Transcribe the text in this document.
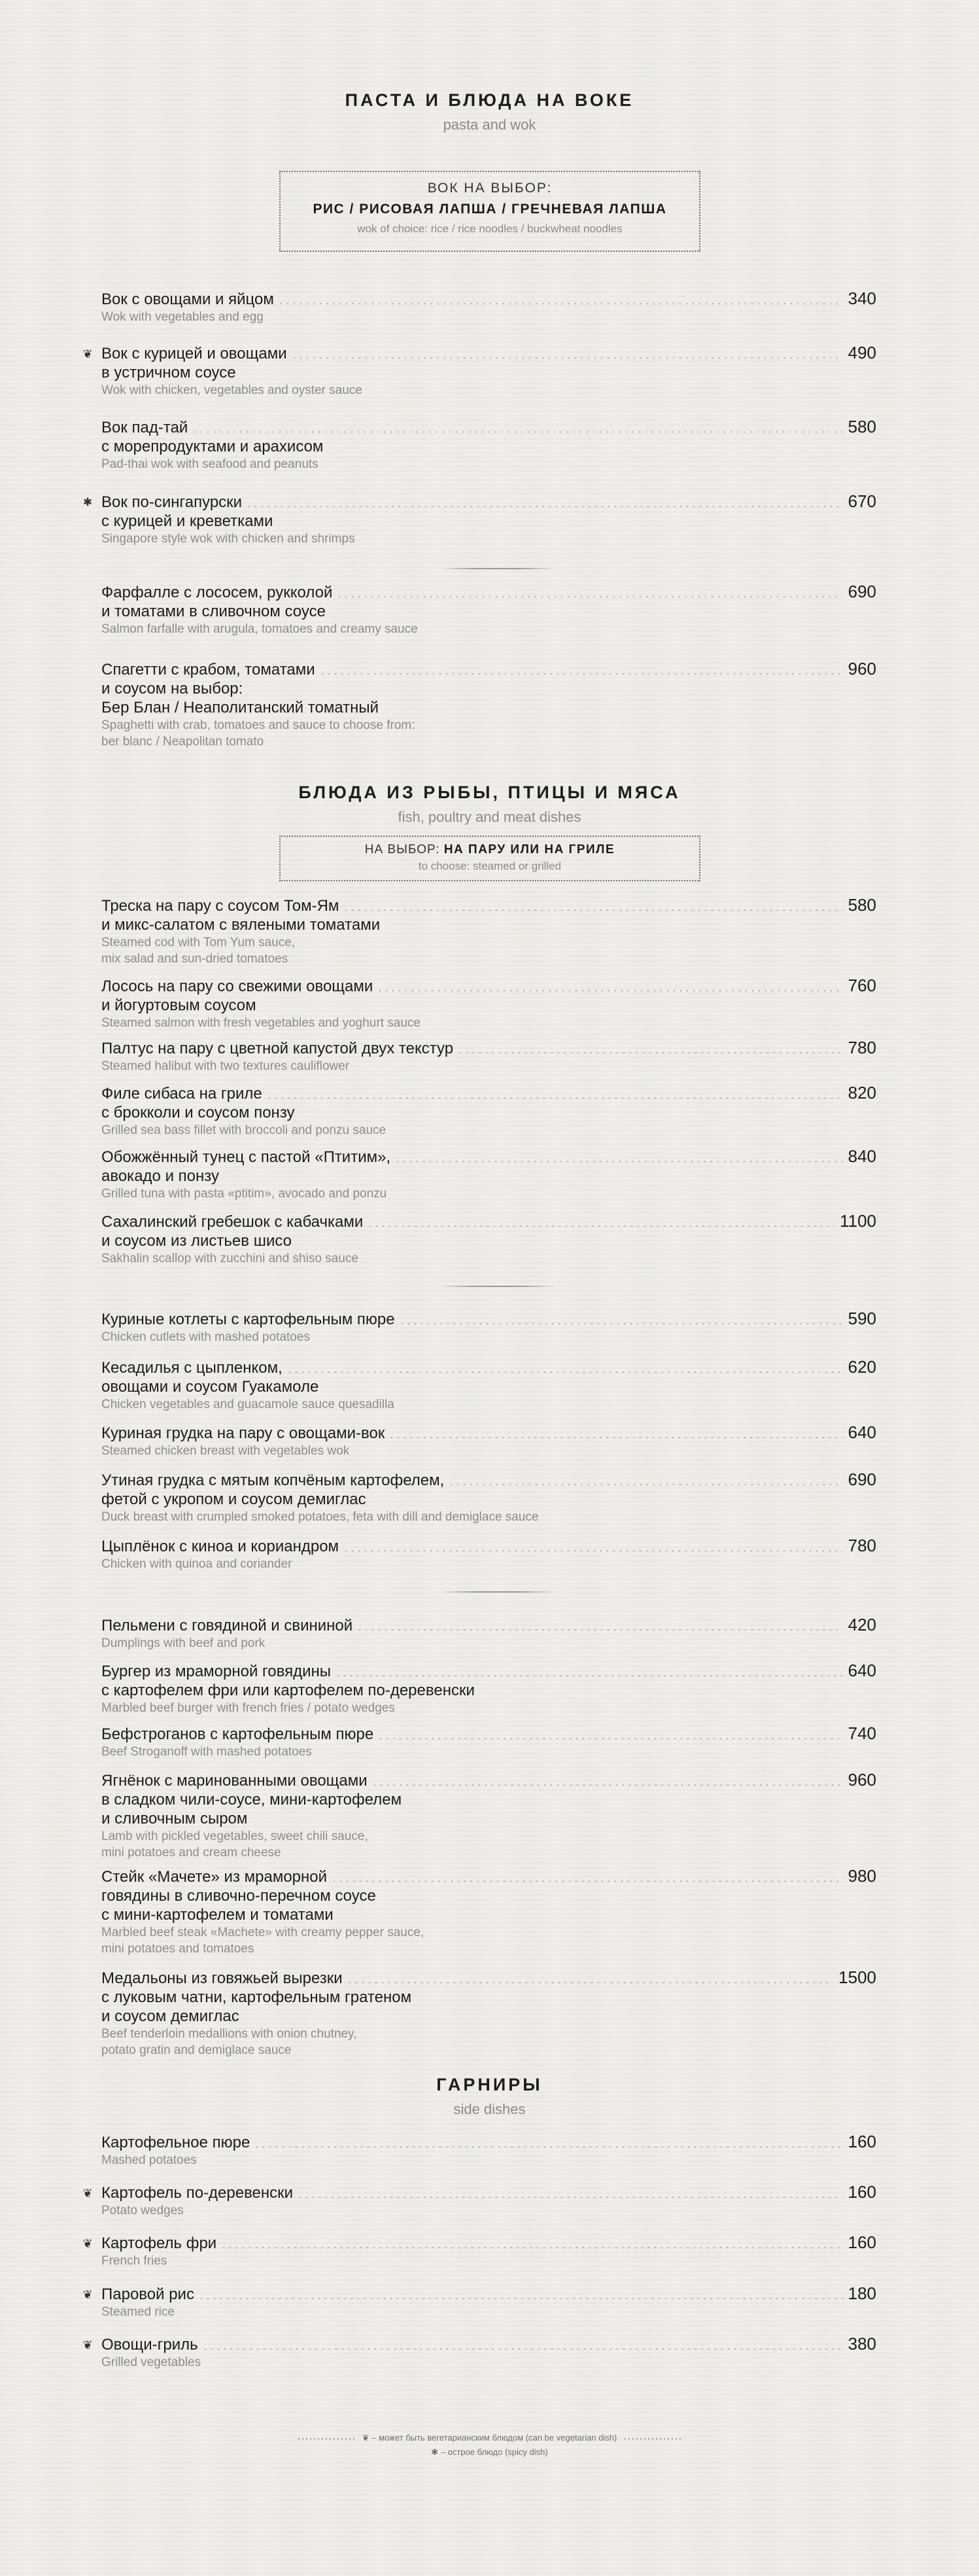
ПАСТА И БЛЮДА НА ВОКЕ
pasta and wok
ВОК НА ВЫБОР:
РИС / РИСОВАЯ ЛАПША / ГРЕЧНЕВАЯ ЛАПША
wok of choice: rice / rice noodles / buckwheat noodles
БЛЮДА ИЗ РЫБЫ, ПТИЦЫ И МЯСА
fish, poultry and meat dishes
НА ВЫБОР: НА ПАРУ ИЛИ НА ГРИЛЕ
to choose: steamed or grilled
ГАРНИРЫ
side dishes
Вок с овощами и яйцом	340
Wok with vegetables and egg
❦ Вок с курицей и овощами	490
в устричном соусе
Wok with chicken, vegetables and oyster sauce
Вок пад-тай	580
с морепродуктами и арахисом
Pad-thai wok with seafood and peanuts
✱ Вок по-сингапурски	670
с курицей и креветками
Singapore style wok with chicken and shrimps
Фарфалле с лососем, рукколой	690
и томатами в сливочном соусе
Salmon farfalle with arugula, tomatoes and creamy sauce
Спагетти с крабом, томатами	960
и соусом на выбор:
Бер Блан / Неаполитанский томатный
Spaghetti with crab, tomatoes and sauce to choose from:
ber blanc / Neapolitan tomato
Треска на пару с соусом Том-Ям	580
и микс-салатом с вялеными томатами
Steamed cod with Tom Yum sauce,
mix salad and sun-dried tomatoes
Лосось на пару со свежими овощами	760
и йогуртовым соусом
Steamed salmon with fresh vegetables and yoghurt sauce
Палтус на пару с цветной капустой двух текстур	780
Steamed halibut with two textures cauliflower
Филе сибаса на гриле	820
с брокколи и соусом понзу
Grilled sea bass fillet with broccoli and ponzu sauce
Обожжённый тунец с пастой «Птитим»,	840
авокадо и понзу
Grilled tuna with pasta «ptitim», avocado and ponzu
Сахалинский гребешок с кабачками	1100
и соусом из листьев шисо
Sakhalin scallop with zucchini and shiso sauce
Куриные котлеты с картофельным пюре	590
Chicken cutlets with mashed potatoes
Кесадилья с цыпленком,	620
овощами и соусом Гуакамоле
Chicken vegetables and guacamole sauce quesadilla
Куриная грудка на пару с овощами-вок	640
Steamed chicken breast with vegetables wok
Утиная грудка с мятым копчёным картофелем,	690
фетой с укропом и соусом демиглас
Duck breast with crumpled smoked potatoes, feta with dill and demiglace sauce
Цыплёнок с киноа и кориандром	780
Chicken with quinoa and coriander
Пельмени с говядиной и свининой	420
Dumplings with beef and pork
Бургер из мраморной говядины	640
с картофелем фри или картофелем по-деревенски
Marbled beef burger with french fries / potato wedges
Бефстроганов с картофельным пюре	740
Beef Stroganoff with mashed potatoes
Ягнёнок с маринованными овощами	960
в сладком чили-соусе, мини-картофелем
и сливочным сыром
Lamb with pickled vegetables, sweet chili sauce,
mini potatoes and cream cheese
Стейк «Мачете» из мраморной	980
говядины в сливочно-перечном соусе
с мини-картофелем и томатами
Marbled beef steak «Machete» with creamy pepper sauce,
mini potatoes and tomatoes
Медальоны из говяжьей вырезки	1500
с луковым чатни, картофельным гратеном
и соусом демиглас
Beef tenderloin medallions with onion chutney,
potato gratin and demiglace sauce
Картофельное пюре	160
Mashed potatoes
❦ Картофель по-деревенски	160
Potato wedges
❦ Картофель фри	160
French fries
❦ Паровой рис	180
Steamed rice
❦ Овощи-гриль	380
Grilled vegetables
❦ – может быть вегетарианским блюдом (can be vegetarian dish)
✱ – острое блюдо (spicy dish)
